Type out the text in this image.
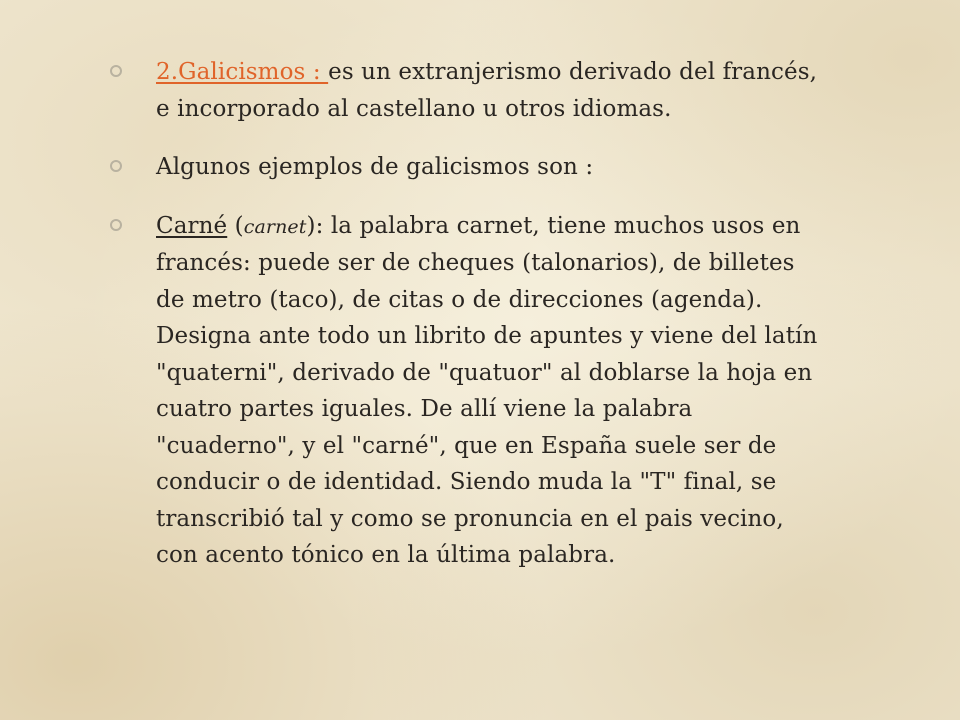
2.Galicismos : es un extranjerismo derivado del francés, e incorporado al castellano u otros idiomas.
Algunos ejemplos de galicismos son :
Carné (carnet): la palabra carnet, tiene muchos usos en francés: puede ser de cheques (talonarios), de billetes de metro (taco), de citas o de direcciones (agenda). Designa ante todo un librito de apuntes y viene del latín "quaterni", derivado de "quatuor" al doblarse la hoja en cuatro partes iguales. De allí viene la palabra "cuaderno", y el "carné", que en España suele ser de conducir o de identidad. Siendo muda la "T" final, se transcribió tal y como se pronuncia en el pais vecino, con acento tónico en la última palabra.
